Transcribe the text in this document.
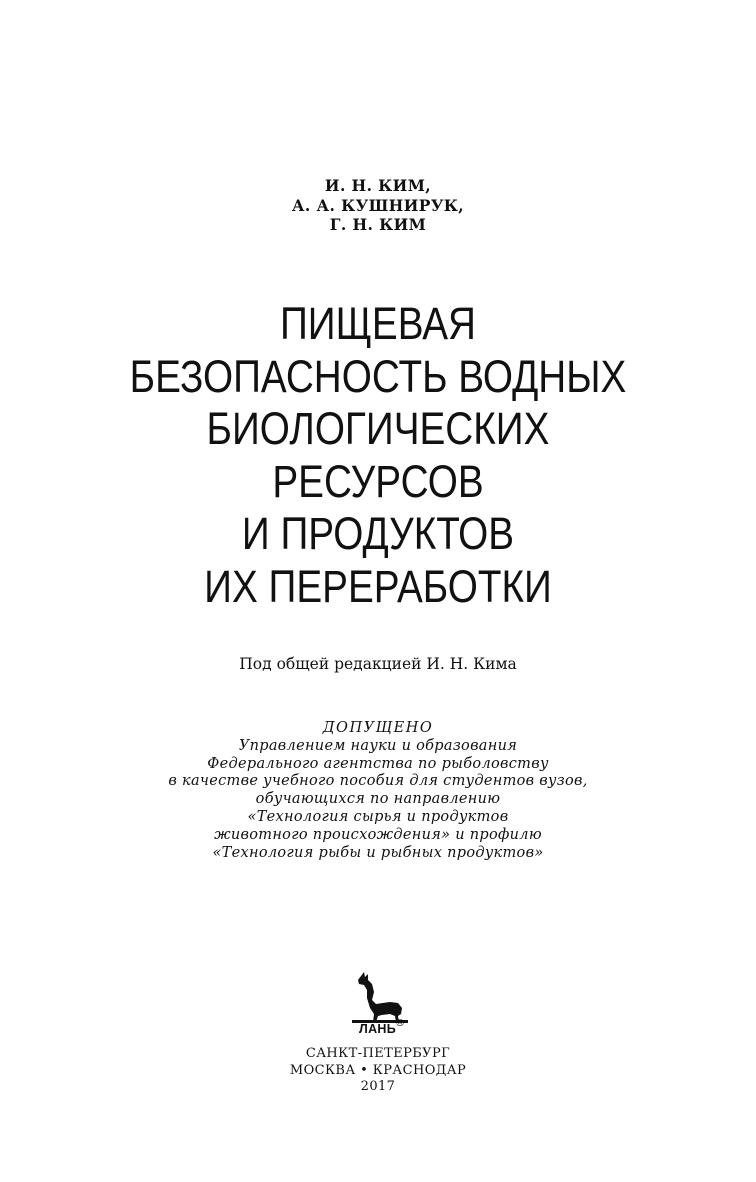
И. Н. КИМ,
А. А. КУШНИРУК,
Г. Н. КИМ
ПИЩЕВАЯ
БЕЗОПАСНОСТЬ ВОДНЫХ
БИОЛОГИЧЕСКИХ
РЕСУРСОВ
И ПРОДУКТОВ
ИХ ПЕРЕРАБОТКИ
Под общей редакцией И. Н. Кима
ДОПУЩЕНО
Управлением науки и образования
Федерального агентства по рыболовству
в качестве учебного пособия для студентов вузов,
обучающихся по направлению
«Технология сырья и продуктов
животного происхождения» и профилю
«Технология рыбы и рыбных продуктов»
ЛАНЬ
®
САНКТ-ПЕТЕРБУРГ
МОСКВА • КРАСНОДАР
2017
